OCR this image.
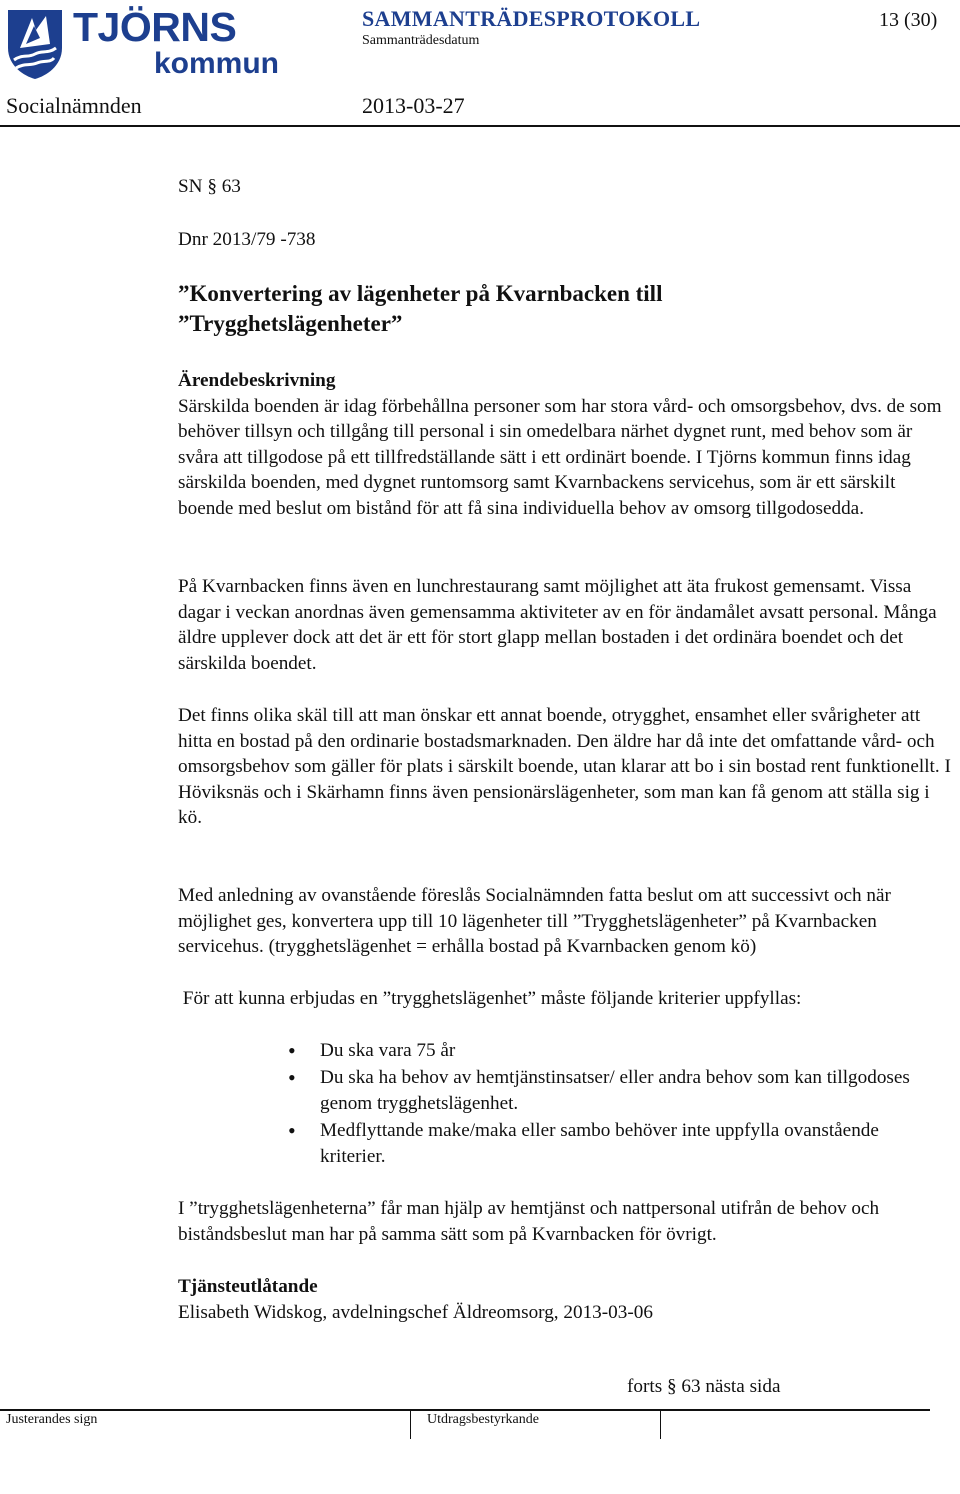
TJÖRNS
kommun
SAMMANTRÄDESPROTOKOLL	13 (30)
Sammanträdesdatum
Socialnämnden	2013-03-27
SN § 63
Dnr 2013/79 -738
”Konvertering av lägenheter på Kvarnbacken till ”Trygghetslägenheter”
Ärendebeskrivning

Särskilda boenden är idag förbehållna personer som har stora vård- och omsorgsbehov, dvs. de som behöver tillsyn och tillgång till personal i sin omedelbara närhet dygnet runt, med behov som är svåra att tillgodose på ett tillfredställande sätt i ett ordinärt boende. I Tjörns kommun finns idag särskilda boenden, med dygnet runtomsorg samt Kvarnbackens servicehus, som är ett särskilt boende med beslut om bistånd för att få sina individuella behov av omsorg tillgodosedda.

På Kvarnbacken finns även en lunchrestaurang samt möjlighet att äta frukost gemensamt. Vissa dagar i veckan anordnas även gemensamma aktiviteter av en för ändamålet avsatt personal. Många äldre upplever dock att det är ett för stort glapp mellan bostaden i det ordinära boendet och det särskilda boendet.
Det finns olika skäl till att man önskar ett annat boende, otrygghet, ensamhet eller svårigheter att hitta en bostad på den ordinarie bostadsmarknaden. Den äldre har då inte det omfattande vård- och omsorgsbehov som gäller för plats i särskilt boende, utan klarar att bo i sin bostad rent funktionellt. I Höviksnäs och i Skärhamn finns även pensionärslägenheter, som man kan få genom att ställa sig i kö.
Med anledning av ovanstående föreslås Socialnämnden fatta beslut om att successivt och när möjlighet ges, konvertera upp till 10 lägenheter till ”Trygghetslägenheter” på Kvarnbacken servicehus. (trygghetslägenhet = erhålla bostad på Kvarnbacken genom kö)
För att kunna erbjudas en ”trygghetslägenhet” måste följande kriterier uppfyllas:
• Du ska vara 75 år
• Du ska ha behov av hemtjänstinsatser/ eller andra behov som kan tillgodoses genom trygghetslägenhet.
• Medflyttande make/maka eller sambo behöver inte uppfylla ovanstående kriterier.
I ”trygghetslägenheterna” får man hjälp av hemtjänst och nattpersonal utifrån de behov och biståndsbeslut man har på samma sätt som på Kvarnbacken för övrigt.
Tjänsteutlåtande
Elisabeth Widskog, avdelningschef Äldreomsorg, 2013-03-06
forts § 63 nästa sida
Justerandes sign	Utdragsbestyrkande
